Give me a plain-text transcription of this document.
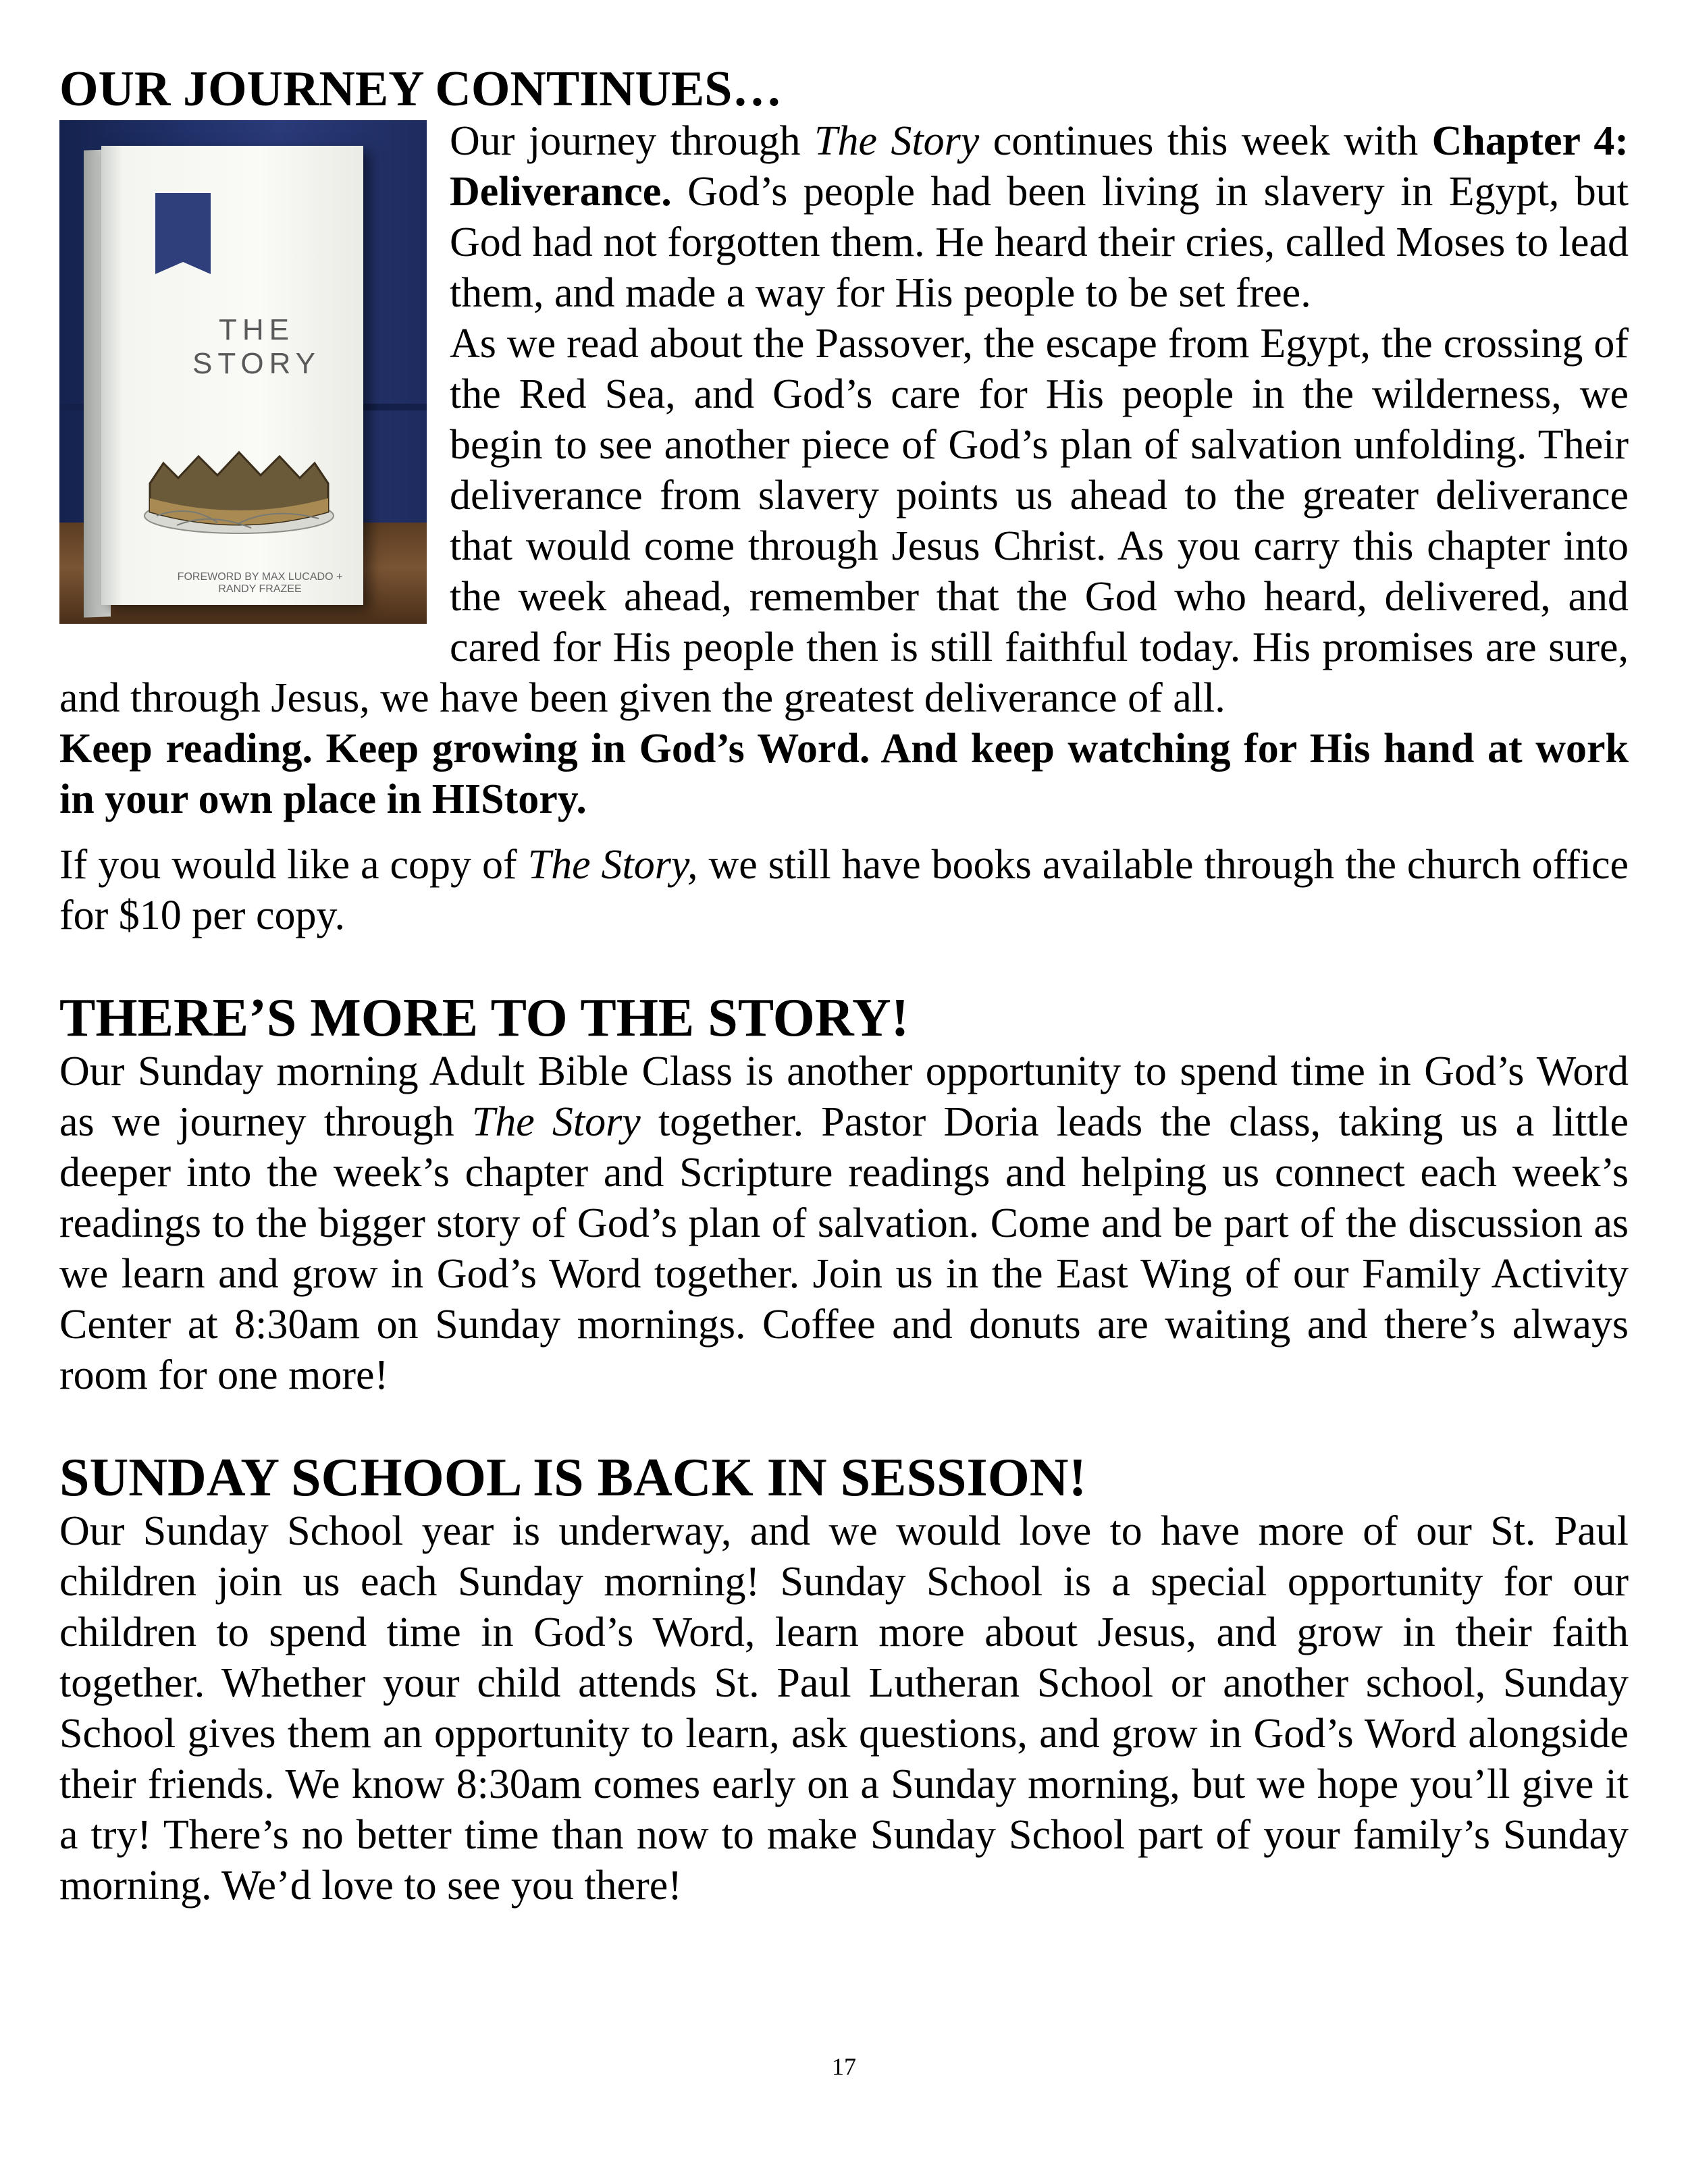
OUR JOURNEY CONTINUES…
THE STORY
FOREWORD BY MAX LUCADO + RANDY FRAZEE

Our journey through The Story continues this week with Chapter 4: Deliverance. God’s people had been living in slavery in Egypt, but God had not forgotten them. He heard their cries, called Moses to lead them, and made a way for His people to be set free.

As we read about the Passover, the escape from Egypt, the crossing of the Red Sea, and God’s care for His people in the wilderness, we begin to see another piece of God’s plan of salvation unfolding. Their deliverance from slavery points us ahead to the greater deliverance that would come through Jesus Christ. As you carry this chapter into the week ahead, remember that the God who heard, delivered, and cared for His people then is still faithful today. His promises are sure, and through Jesus, we have been given the greatest deliverance of all.

Keep reading. Keep growing in God’s Word. And keep watching for His hand at work in your own place in HIStory.

If you would like a copy of The Story, we still have books available through the church office for $10 per copy.

THERE’S MORE TO THE STORY!

Our Sunday morning Adult Bible Class is another opportunity to spend time in God’s Word as we journey through The Story together. Pastor Doria leads the class, taking us a little deeper into the week’s chapter and Scripture readings and helping us connect each week’s readings to the bigger story of God’s plan of salvation. Come and be part of the discussion as we learn and grow in God’s Word together. Join us in the East Wing of our Family Activity Center at 8:30am on Sunday mornings. Coffee and donuts are waiting and there’s always room for one more!

SUNDAY SCHOOL IS BACK IN SESSION!

Our Sunday School year is underway, and we would love to have more of our St. Paul children join us each Sunday morning! Sunday School is a special opportunity for our children to spend time in God’s Word, learn more about Jesus, and grow in their faith together. Whether your child attends St. Paul Lutheran School or another school, Sunday School gives them an opportunity to learn, ask questions, and grow in God’s Word alongside their friends. We know 8:30am comes early on a Sunday morning, but we hope you’ll give it a try! There’s no better time than now to make Sunday School part of your family’s Sunday morning. We’d love to see you there!

17
